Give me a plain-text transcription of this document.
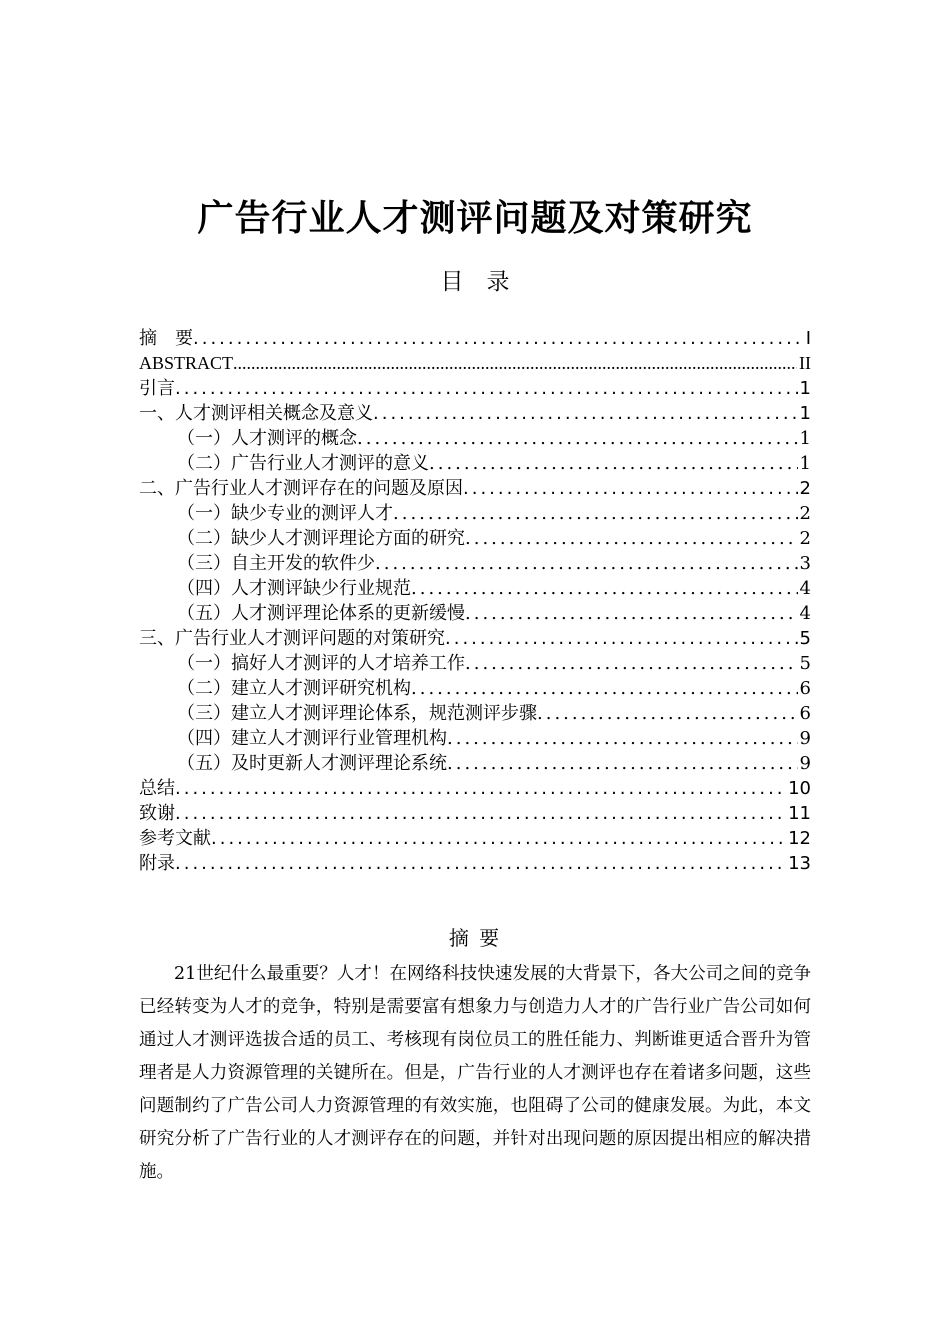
广告行业人才测评问题及对策研究
目　录
摘　要 .....	I
ABSTRACT .....	II
引言 .....	1
一、人才测评相关概念及意义 .....	1
（一）人才测评的概念 .....	1
（二）广告行业人才测评的意义 .....	1
二、广告行业人才测评存在的问题及原因 .....	2
（一）缺少专业的测评人才 .....	2
（二）缺少人才测评理论方面的研究 .....	2
（三）自主开发的软件少 .....	3
（四）人才测评缺少行业规范 .....	4
（五）人才测评理论体系的更新缓慢 .....	4
三、广告行业人才测评问题的对策研究 .....	5
（一）搞好人才测评的人才培养工作 .....	5
（二）建立人才测评研究机构 .....	6
（三）建立人才测评理论体系，规范测评步骤 .....	6
（四）建立人才测评行业管理机构 .....	9
（五）及时更新人才测评理论系统 .....	9
总结 .....	10
致谢 .....	11
参考文献 .....	12
附录 .....	13
摘 要

21世纪什么最重要？人才！在网络科技快速发展的大背景下，各大公司之间的竞争已经转变为人才的竞争，特别是需要富有想象力与创造力人才的广告行业广告公司如何通过人才测评选拔合适的员工、考核现有岗位员工的胜任能力、判断谁更适合晋升为管理者是人力资源管理的关键所在。但是，广告行业的人才测评也存在着诸多问题，这些问题制约了广告公司人力资源管理的有效实施，也阻碍了公司的健康发展。为此，本文研究分析了广告行业的人才测评存在的问题，并针对出现问题的原因提出相应的解决措施。
